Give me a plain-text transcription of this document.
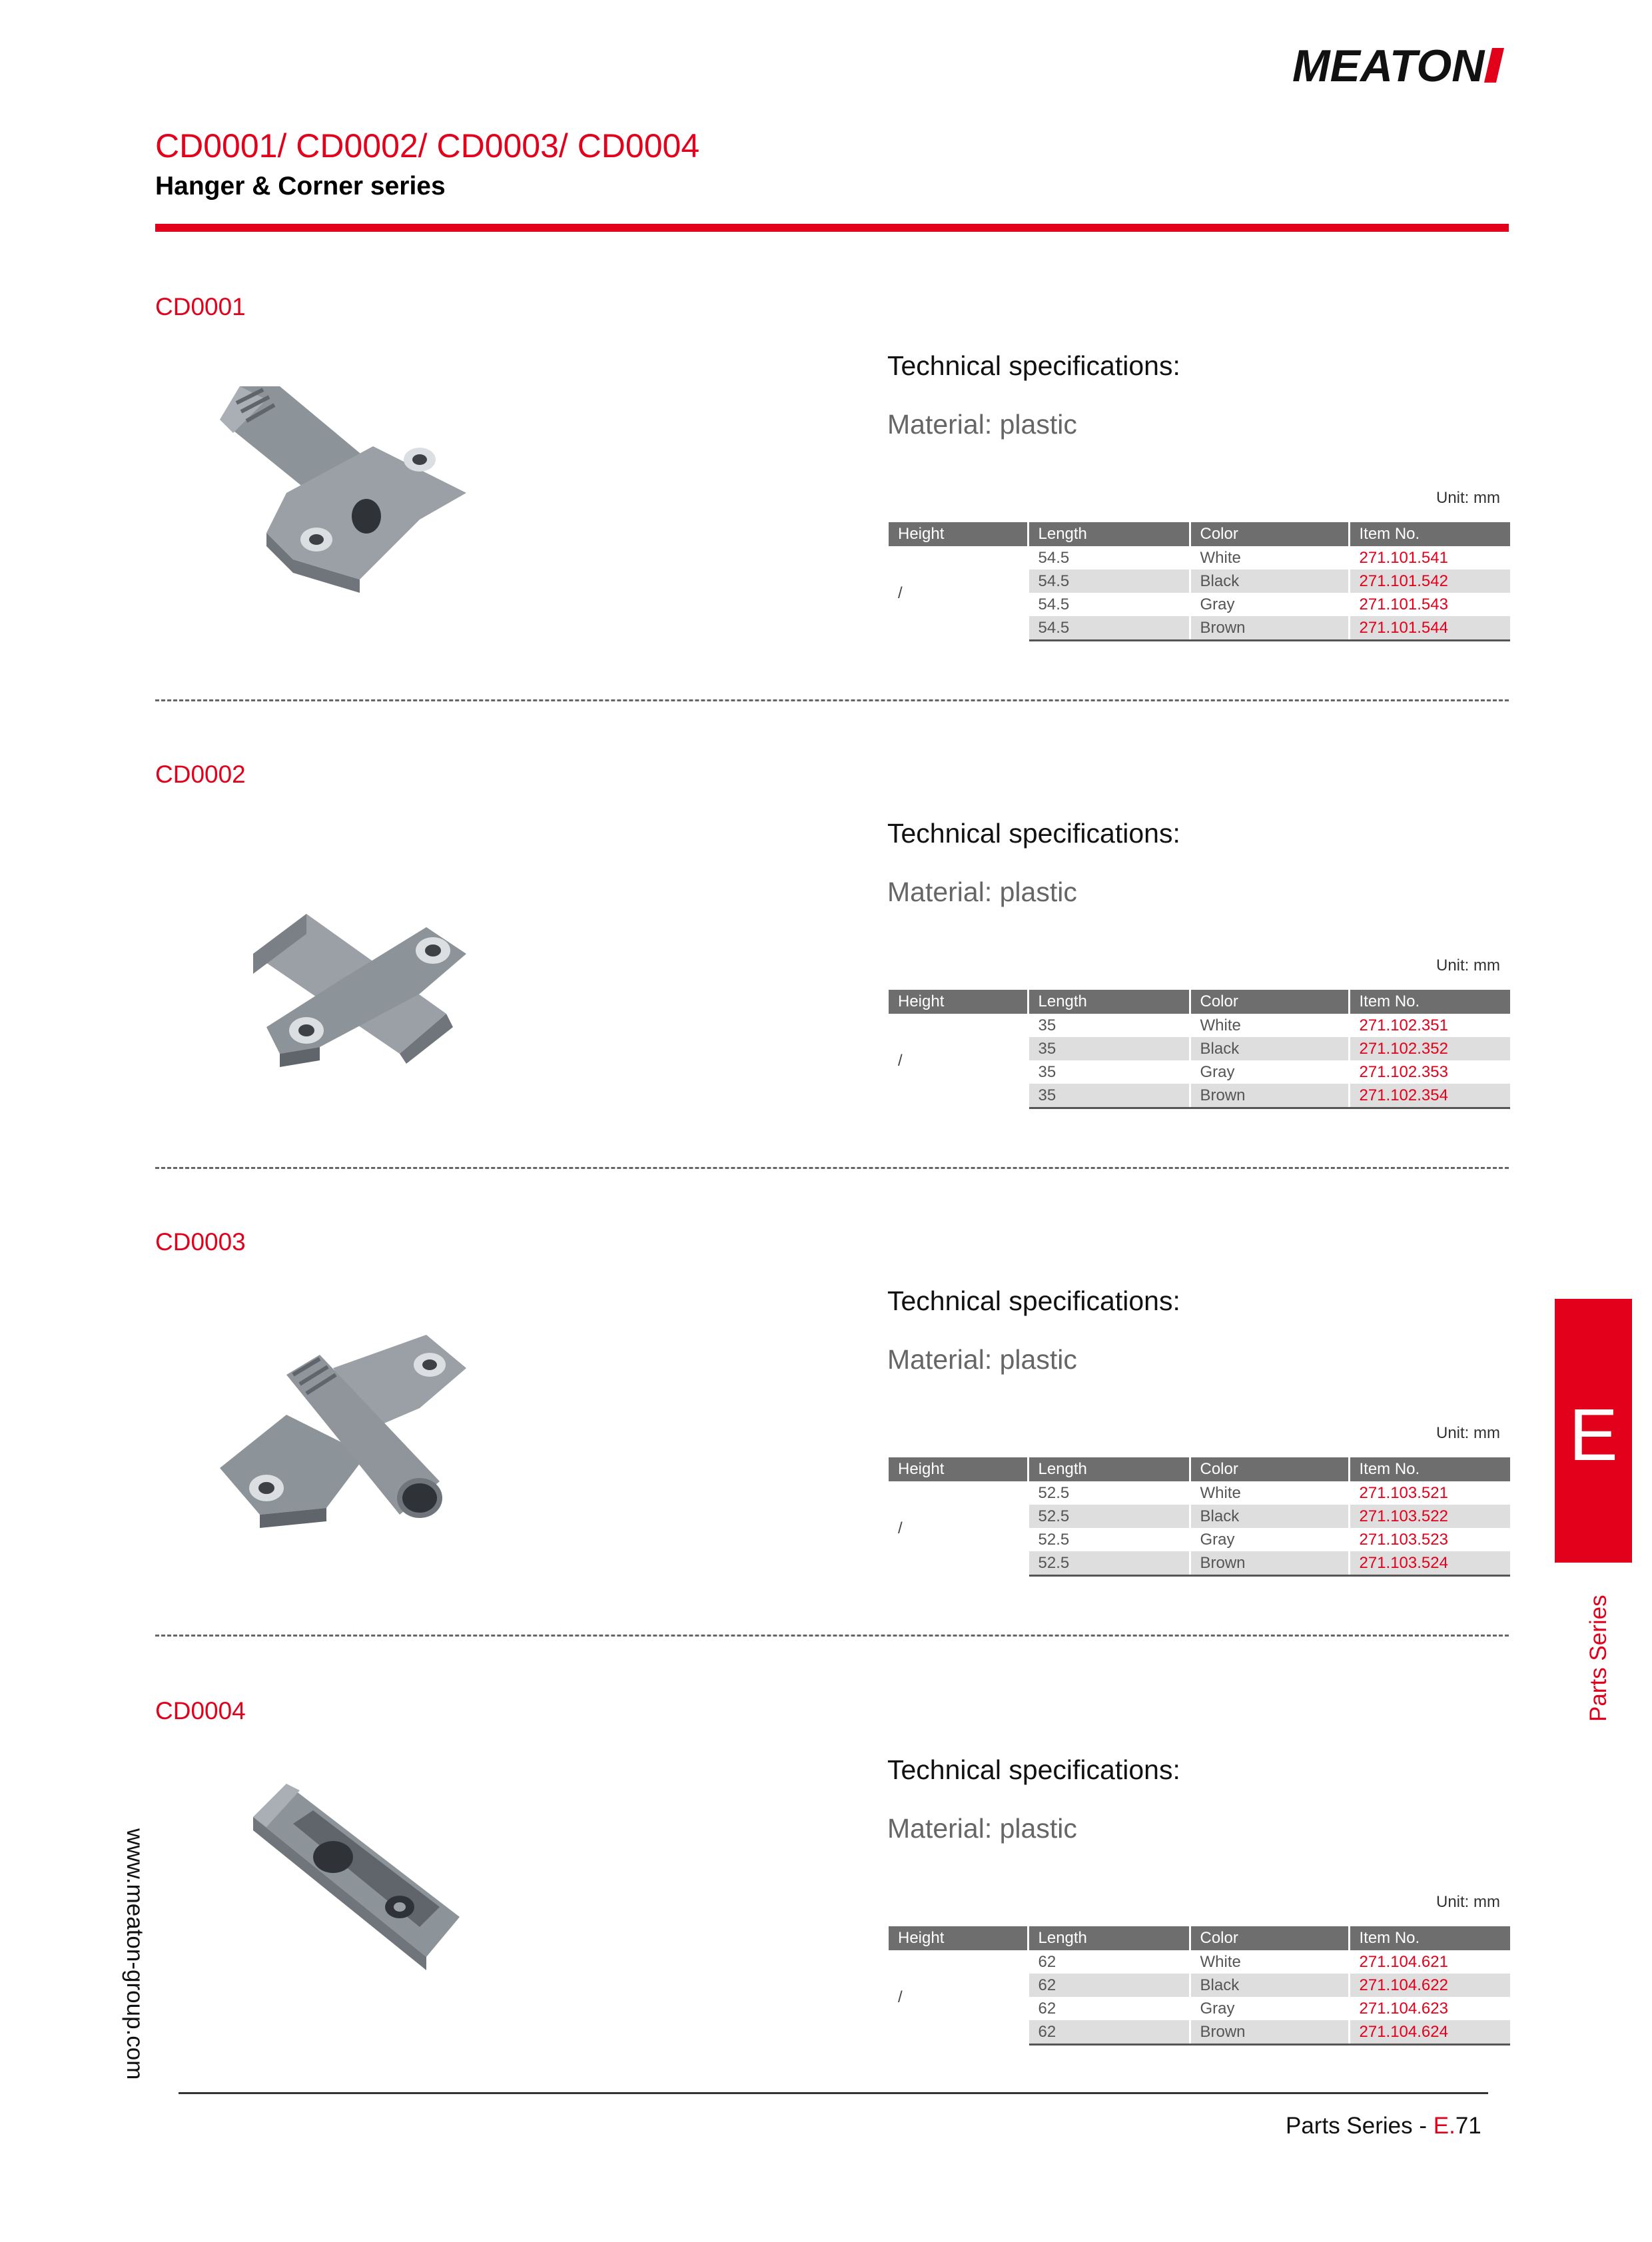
MEATON
CD0001/ CD0002/ CD0003/ CD0004
Hanger & Corner series
CD0001
Technical specifications:
Material: plastic
Unit: mm
Height	Length	Color	Item No.
/	54.5	White	271.101.541
	54.5	Black	271.101.542
	54.5	Gray	271.101.543
	54.5	Brown	271.101.544
CD0002
Technical specifications:
Material: plastic
Unit: mm
Height	Length	Color	Item No.
/	35	White	271.102.351
	35	Black	271.102.352
	35	Gray	271.102.353
	35	Brown	271.102.354
CD0003
Technical specifications:
Material: plastic
Unit: mm
Height	Length	Color	Item No.
/	52.5	White	271.103.521
	52.5	Black	271.103.522
	52.5	Gray	271.103.523
	52.5	Brown	271.103.524
CD0004
Technical specifications:
Material: plastic
Unit: mm
Height	Length	Color	Item No.
/	62	White	271.104.621
	62	Black	271.104.622
	62	Gray	271.104.623
	62	Brown	271.104.624
E
Parts Series
www.meaton-group.com
Parts Series - E.71
